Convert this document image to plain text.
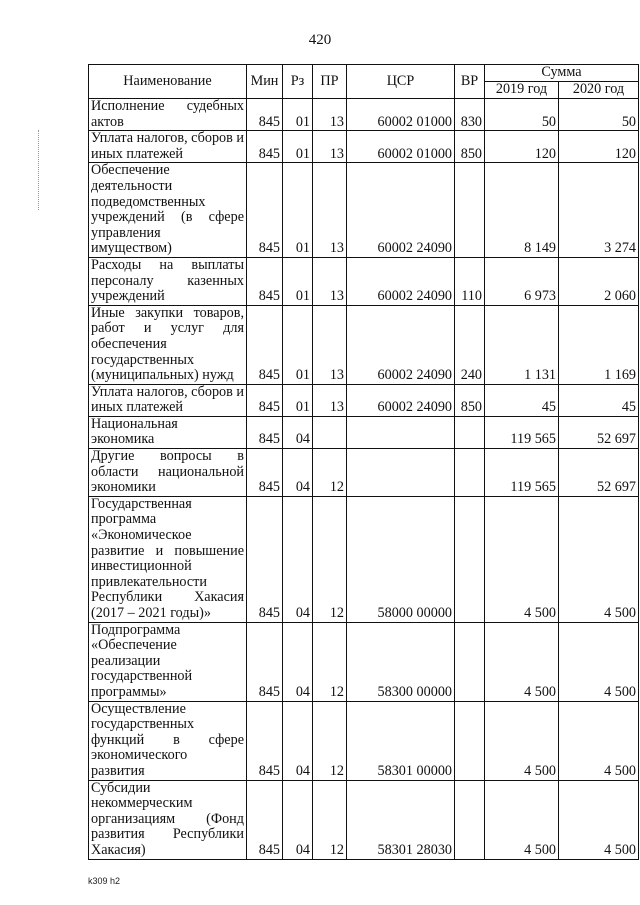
420
Наименование	Мин	Рз	ПР	ЦСР	ВР	Сумма	
						2019 год	2020 год
Исполнение судебных актов	845	01	13	60002 01000	830	50	50
Уплата налогов, сборов и иных платежей	845	01	13	60002 01000	850	120	120
Обеспечение деятельности подведомственных учреждений (в сфере управления имуществом)	845	01	13	60002 24090		8 149	3 274
Расходы на выплаты персоналу казенных учреждений	845	01	13	60002 24090	110	6 973	2 060
Иные закупки товаров, работ и услуг для обеспечения государственных (муниципальных) нужд	845	01	13	60002 24090	240	1 131	1 169
Уплата налогов, сборов и иных платежей	845	01	13	60002 24090	850	45	45
Национальная экономика	845	04				119 565	52 697
Другие вопросы в области национальной экономики	845	04	12			119 565	52 697
Государственная программа «Экономическое развитие и повышение инвестиционной привлекательности Республики Хакасия (2017 – 2021 годы)»	845	04	12	58000 00000		4 500	4 500
Подпрограмма «Обеспечение реализации государственной программы»	845	04	12	58300 00000		4 500	4 500
Осуществление государственных функций в сфере экономического развития	845	04	12	58301 00000		4 500	4 500
Субсидии некоммерческим организациям (Фонд развития Республики Хакасия)	845	04	12	58301 28030		4 500	4 500
k309 h2
